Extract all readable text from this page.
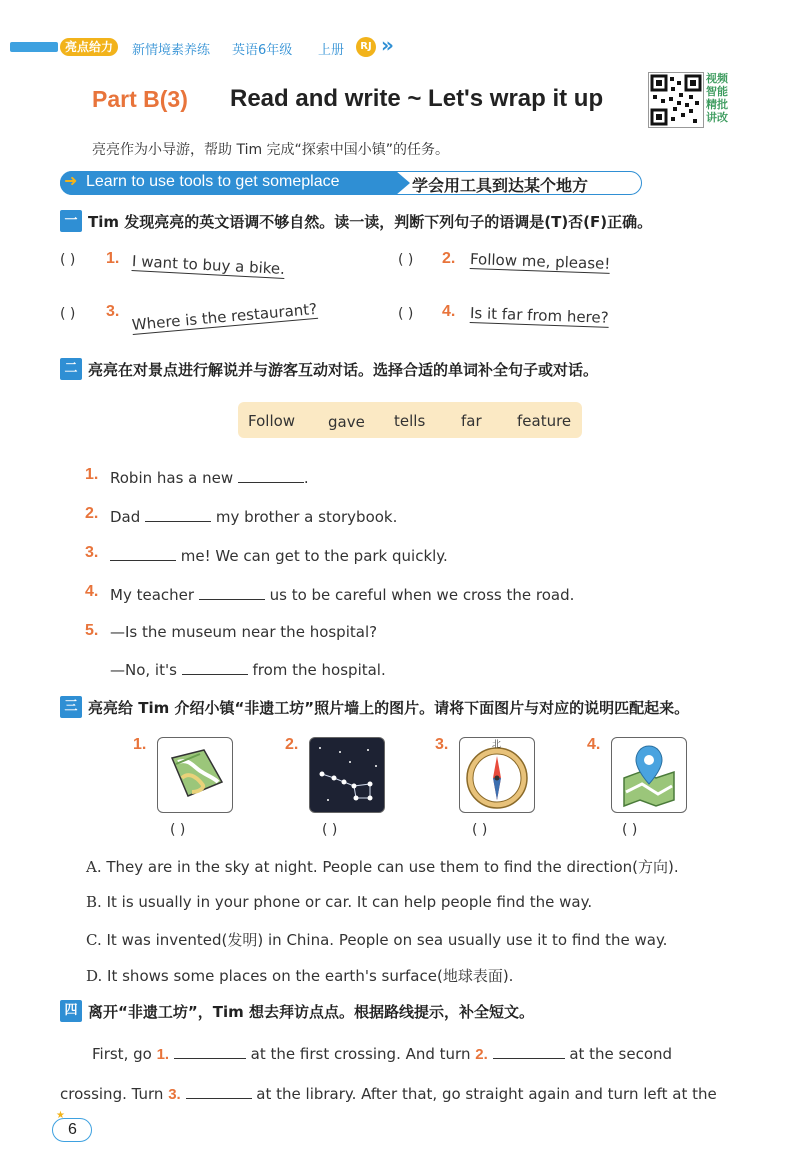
亮点给力	新情境素养练 英语6年级 上册	RJ »
Part B(3) Read and write ~ Let's wrap it up
视频
智能
精批
讲改
亮亮作为小导游，帮助 Tim 完成“探索中国小镇”的任务。
➜ Learn to use tools to get someplace	学会用工具到达某个地方
一 Tim 发现亮亮的英文语调不够自然。读一读，判断下列句子的语调是(T)否(F)正确。
( ) 1. I want to buy a bike.	( ) 2. Follow me, please!
( ) 3. Where is the restaurant?	( ) 4. Is it far from here?
二 亮亮在对景点进行解说并与游客互动对话。选择合适的单词补全句子或对话。
Follow gave tells far feature
1. Robin has a new	.
2. Dad	my brother a storybook.
3.	me! We can get to the park quickly.
4. My teacher	us to be careful when we cross the road.
5. —Is the museum near the hospital?
—No, it's	from the hospital.
三 亮亮给 Tim 介绍小镇“非遗工坊”照片墙上的图片。请将下面图片与对应的说明匹配起来。
1.
( )
2.
( )
3.	北
( )
4.
( )
A. They are in the sky at night. People can use them to find the direction(方向).
B. It is usually in your phone or car. It can help people find the way.
C. It was invented(发明) in China. People on sea usually use it to find the way.
D. It shows some places on the earth's surface(地球表面).
四 离开“非遗工坊”，Tim 想去拜访点点。根据路线提示，补全短文。
First, go 1.	at the first crossing. And turn 2.	at the second
crossing. Turn 3.	at the library. After that, go straight again and turn left at the
★
6
